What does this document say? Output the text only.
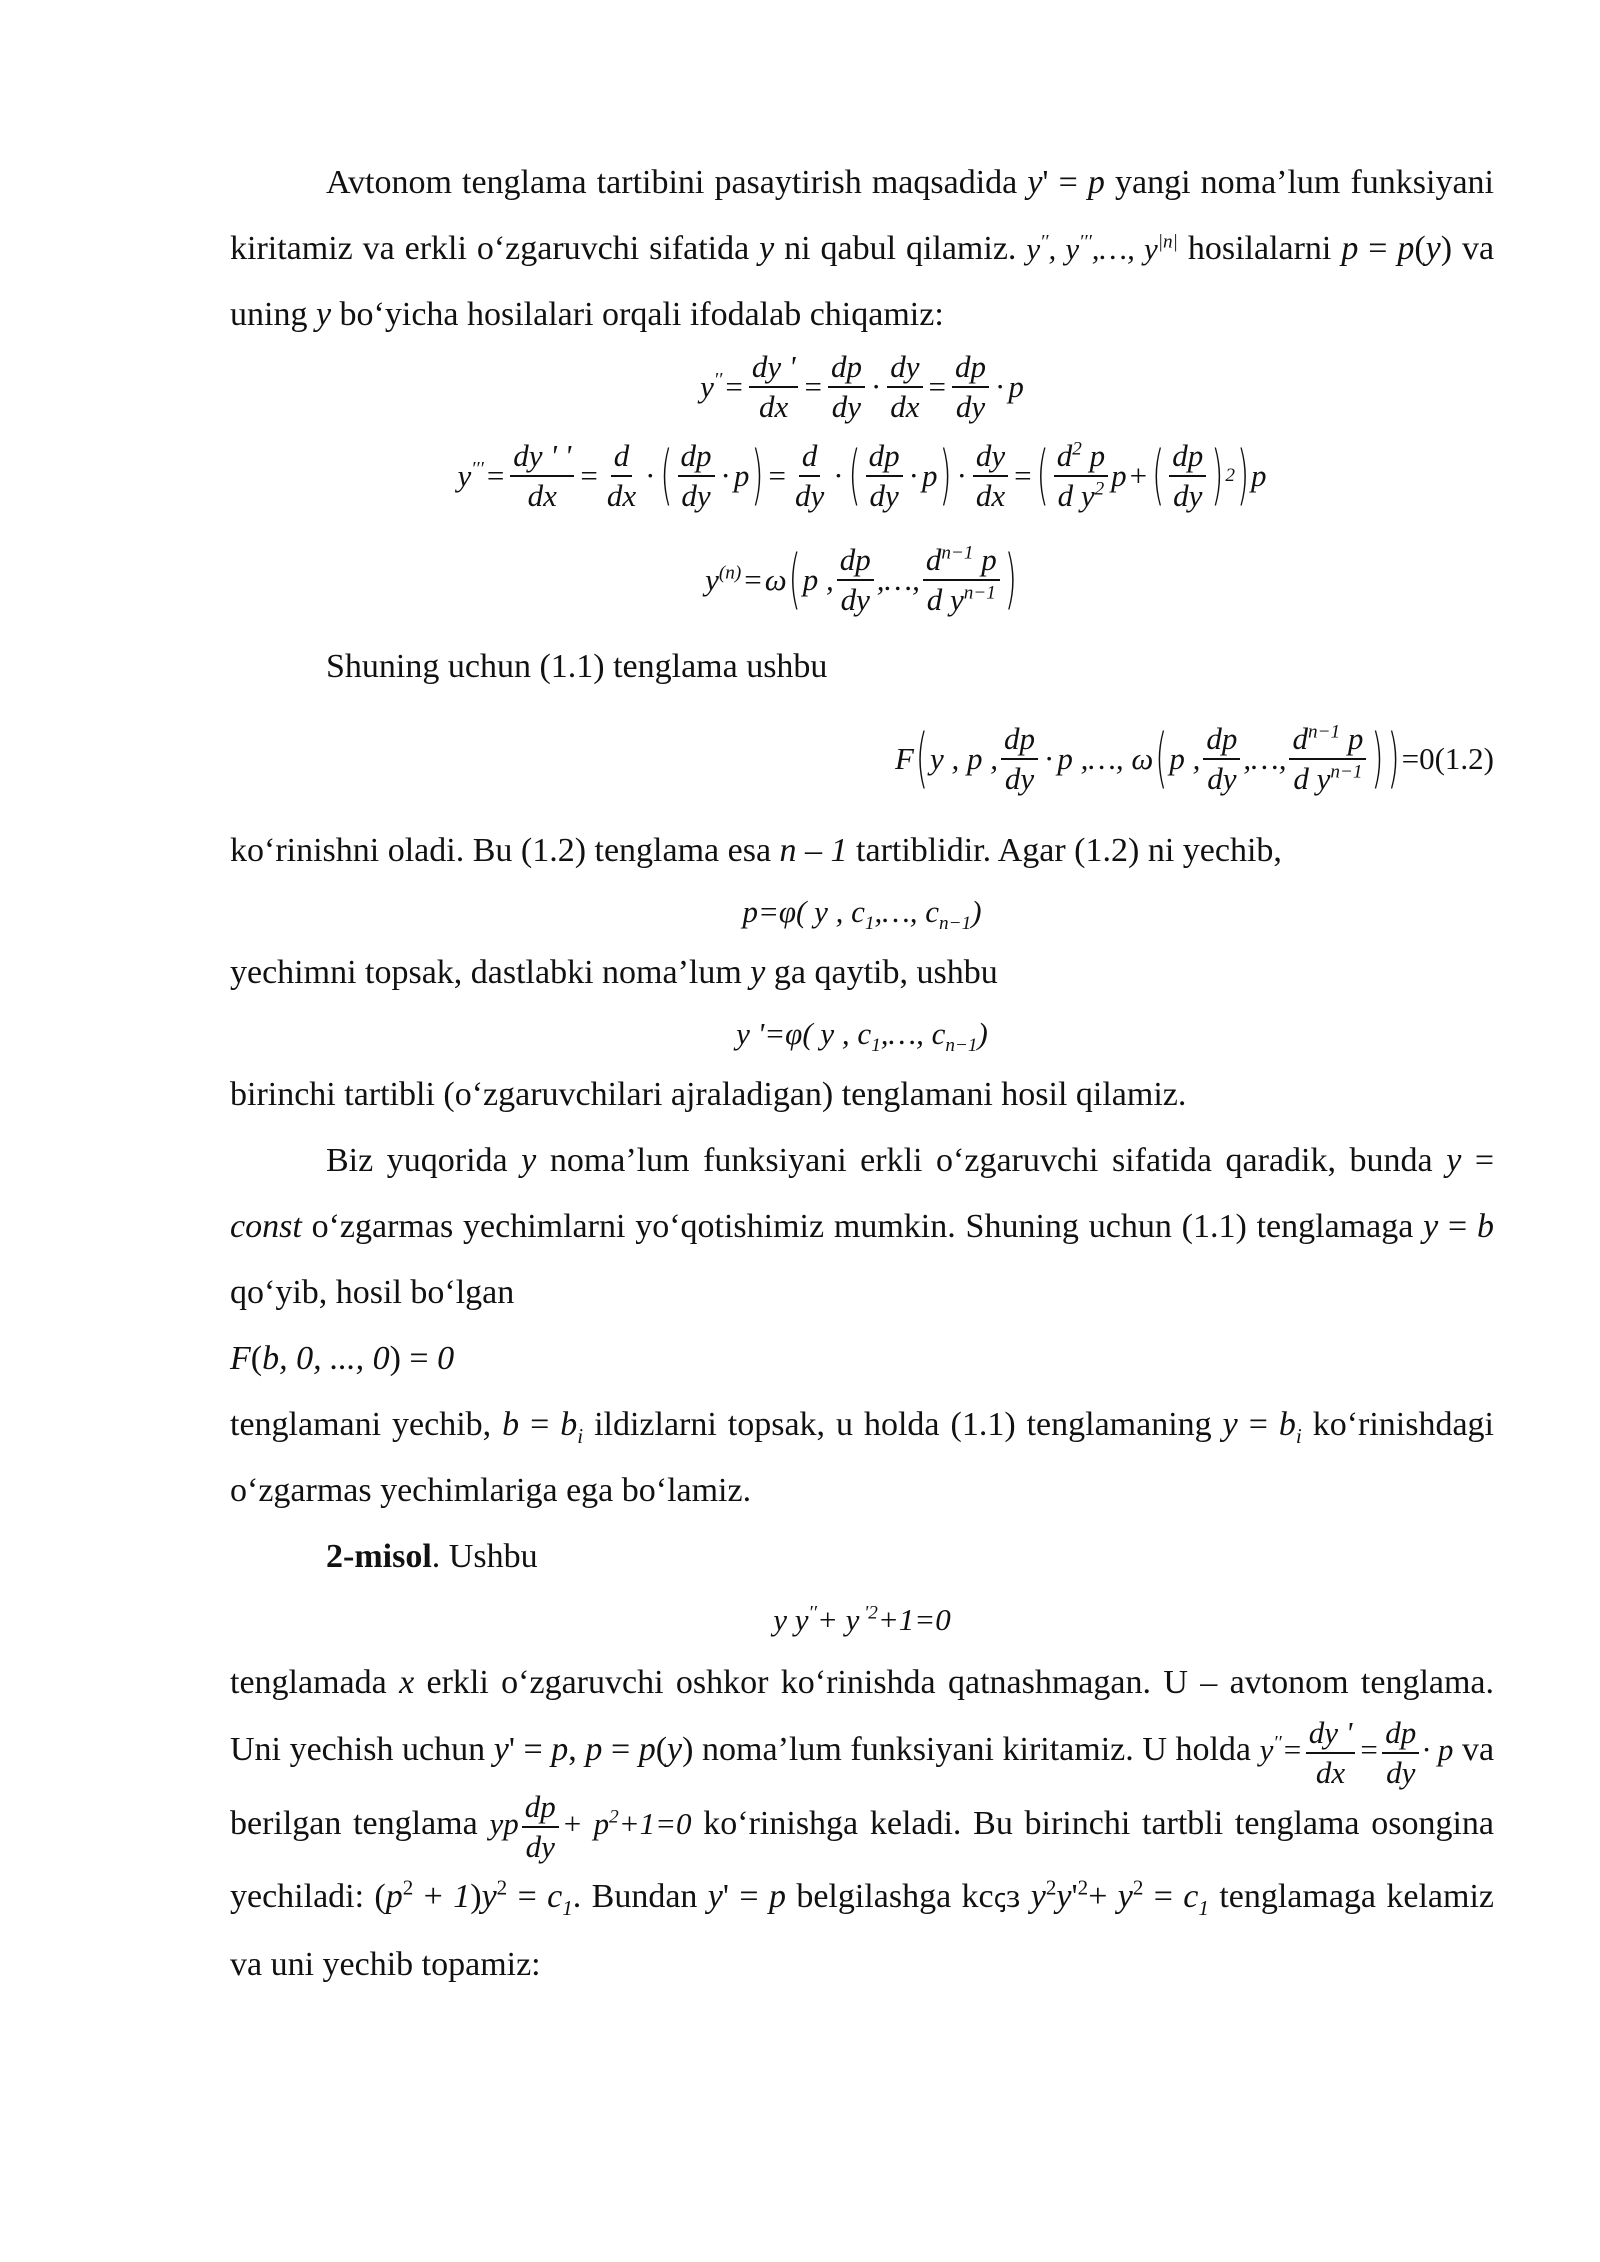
Avtonom tenglama tartibini pasaytirish maqsadida y' = p yangi noma’lum funksiyani kiritamiz va erkli o‘zgaruvchi sifatida y ni qabul qilamiz. y′′, y′′′,…, $y^{|n|}$ hosilalarni p = p(y) va uning y bo‘yicha hosilalari orqali ifodalab chiqamiz:

$y'' = \frac{dy '}{dx} = \frac{dp}{dy} \cdot \frac{dy}{dx} = \frac{dp}{dy} \cdot p$
$y''' = \frac{dy ' '}{dx} = \frac{d}{dx}$ · ( $\frac{dp}{dy} \cdot p$ ) = $\frac{d}{dy}$ · ( $\frac{dp}{dy} \cdot p$ ) · $\frac{dy}{dx}$ = ( $\frac{d^2 p}{d y^2}$ p + ( $\frac{dp}{dy}$ ) 2 ) p
$y^{(n)} = \omega$ ( p , $\frac{dp}{dy}$ ,…, $\frac{d^{n-1} p}{d y^{n-1}}$ )

Shuning uchun (1.1) tenglama ushbu

F ( y , p , $\frac{dp}{dy} \cdot p$ ,…, ω ( p , $\frac{dp}{dy}$ ,…, $\frac{d^{n-1} p}{d y^{n-1}}$ ) ) =0(1.2)

ko‘rinishni oladi. Bu (1.2) tenglama esa n – 1 tartiblidir. Agar (1.2) ni yechib,

p=φ( y , $c_1,\dots$, $c_{n-1}$)

yechimni topsak, dastlabki noma’lum y ga qaytib, ushbu

y '=φ( y , $c_1,\dots$, $c_{n-1}$)

birinchi tartibli (o‘zgaruvchilari ajraladigan) tenglamani hosil qilamiz.

Biz yuqorida y noma’lum funksiyani erkli o‘zgaruvchi sifatida qaradik, bunda y = const o‘zgarmas yechimlarni yo‘qotishimiz mumkin. Shuning uchun (1.1) tenglamaga y = b qo‘yib, hosil bo‘lgan

F(b, 0, ..., 0) = 0

tenglamani yechib, $b = b_i$ ildizlarni topsak, u holda (1.1) tenglamaning $y = b_i$ ko‘rinishdagi o‘zgarmas yechimlariga ega bo‘lamiz.

2-misol. Ushbu

y y′′+ y $^{'2}$+1=0

tenglamada x erkli o‘zgaruvchi oshkor ko‘rinishda qatnashmagan. U – avtonom tenglama. Uni yechish uchun y' = p, p = p(y) noma’lum funksiyani kiritamiz. U holda $y''= \frac{dy '}{dx} = \frac{dp}{dy} \cdot p$ va berilgan tenglama yp $\frac{dp}{dy} + p^2+1=0$ ko‘rinishga keladi. Bu birinchi tartbli tenglama osongina yechiladi: $(p^2 + 1)y^2 = c_1$. Bundan y' = p belgilashga kcꞔɜ $y^2y'^2+ y^2 = c_1$ tenglamaga kelamiz va uni yechib topamiz:
